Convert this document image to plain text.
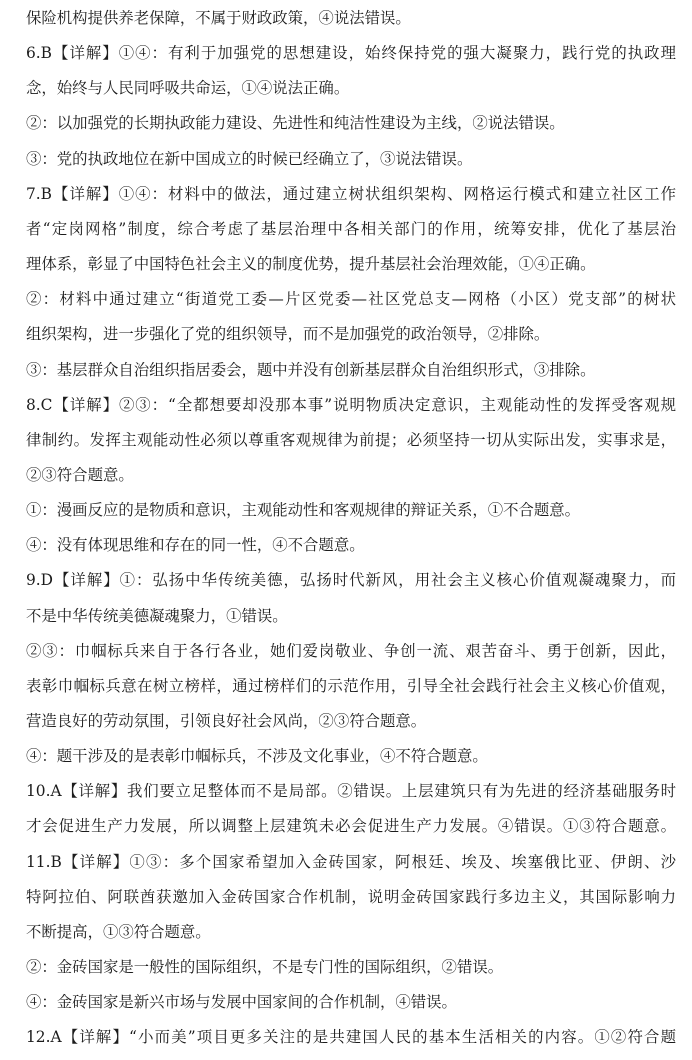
保险机构提供养老保障，不属于财政政策，④说法错误。
6.B【详解】①④：有利于加强党的思想建设，始终保持党的强大凝聚力，践行党的执政理
念，始终与人民同呼吸共命运，①④说法正确。
②：以加强党的长期执政能力建设、先进性和纯洁性建设为主线，②说法错误。
③：党的执政地位在新中国成立的时候已经确立了，③说法错误。
7.B【详解】①④：材料中的做法，通过建立树状组织架构、网格运行模式和建立社区工作
者“定岗网格”制度，综合考虑了基层治理中各相关部门的作用，统筹安排，优化了基层治
理体系，彰显了中国特色社会主义的制度优势，提升基层社会治理效能，①④正确。
②：材料中通过建立“街道党工委—片区党委—社区党总支—网格（小区）党支部”的树状
组织架构，进一步强化了党的组织领导，而不是加强党的政治领导，②排除。
③：基层群众自治组织指居委会，题中并没有创新基层群众自治组织形式，③排除。
8.C【详解】②③：“全都想要却没那本事”说明物质决定意识，主观能动性的发挥受客观规
律制约。发挥主观能动性必须以尊重客观规律为前提；必须坚持一切从实际出发，实事求是，
②③符合题意。
①：漫画反应的是物质和意识，主观能动性和客观规律的辩证关系，①不合题意。
④：没有体现思维和存在的同一性，④不合题意。
9.D【详解】①：弘扬中华传统美德，弘扬时代新风，用社会主义核心价值观凝魂聚力，而
不是中华传统美德凝魂聚力，①错误。
②③：巾帼标兵来自于各行各业，她们爱岗敬业、争创一流、艰苦奋斗、勇于创新，因此，
表彰巾帼标兵意在树立榜样，通过榜样们的示范作用，引导全社会践行社会主义核心价值观，
营造良好的劳动氛围，引领良好社会风尚，②③符合题意。
④：题干涉及的是表彰巾帼标兵，不涉及文化事业，④不符合题意。
10.A【详解】我们要立足整体而不是局部。②错误。上层建筑只有为先进的经济基础服务时
才会促进生产力发展，所以调整上层建筑未必会促进生产力发展。④错误。①③符合题意。
11.B【详解】①③：多个国家希望加入金砖国家，阿根廷、埃及、埃塞俄比亚、伊朗、沙
特阿拉伯、阿联酋获邀加入金砖国家合作机制，说明金砖国家践行多边主义，其国际影响力
不断提高，①③符合题意。
②：金砖国家是一般性的国际组织，不是专门性的国际组织，②错误。
④：金砖国家是新兴市场与发展中国家间的合作机制，④错误。
12.A【详解】“小而美”项目更多关注的是共建国人民的基本生活相关的内容。①②符合题
